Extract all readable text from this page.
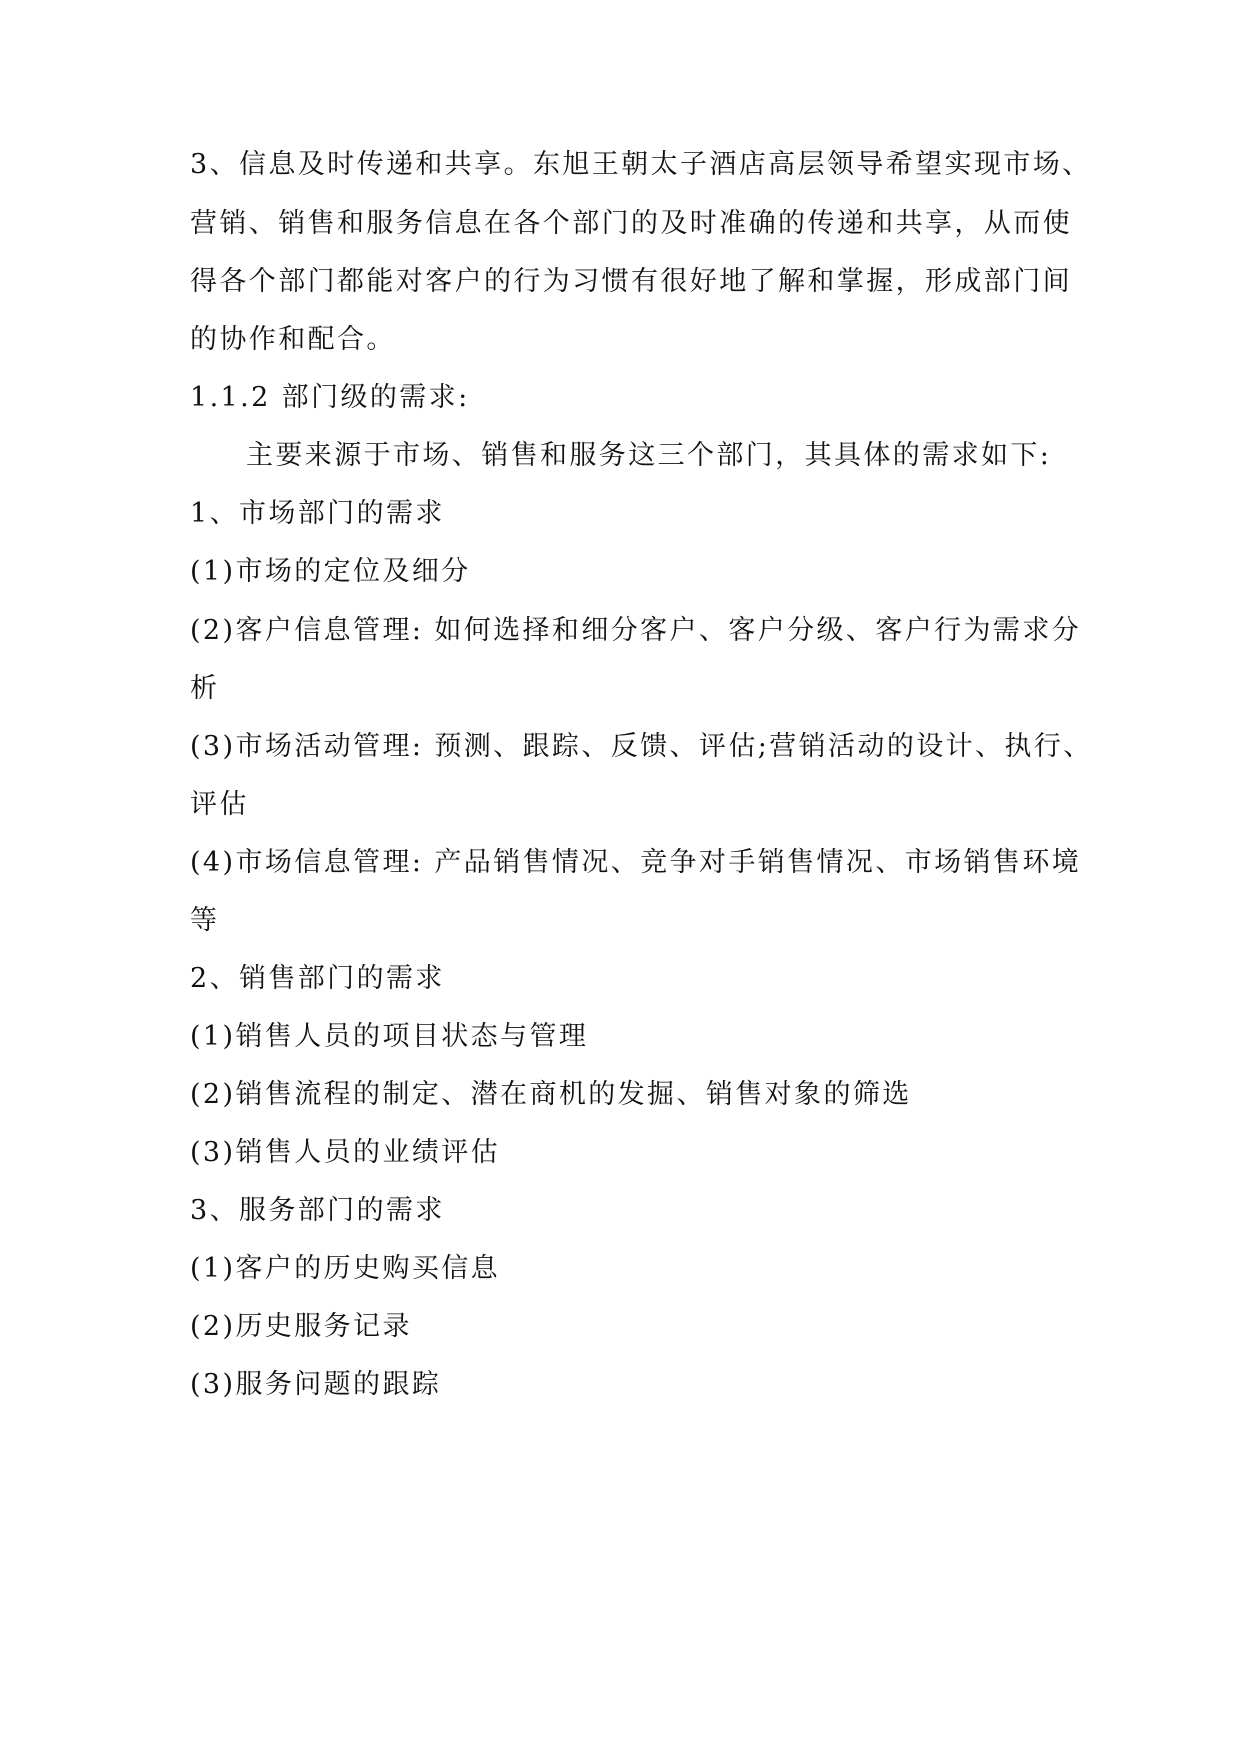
3、信息及时传递和共享。东旭王朝太子酒店高层领导希望实现市场、
营销、销售和服务信息在各个部门的及时准确的传递和共享，从而使
得各个部门都能对客户的行为习惯有很好地了解和掌握，形成部门间
的协作和配合。
1.1.2 部门级的需求:
主要来源于市场、销售和服务这三个部门，其具体的需求如下:
1、市场部门的需求
(1)市场的定位及细分
(2)客户信息管理: 如何选择和细分客户、客户分级、客户行为需求分
析
(3)市场活动管理: 预测、跟踪、反馈、评估;营销活动的设计、执行、
评估
(4)市场信息管理: 产品销售情况、竞争对手销售情况、市场销售环境
等
2、销售部门的需求
(1)销售人员的项目状态与管理
(2)销售流程的制定、潜在商机的发掘、销售对象的筛选
(3)销售人员的业绩评估
3、服务部门的需求
(1)客户的历史购买信息
(2)历史服务记录
(3)服务问题的跟踪
